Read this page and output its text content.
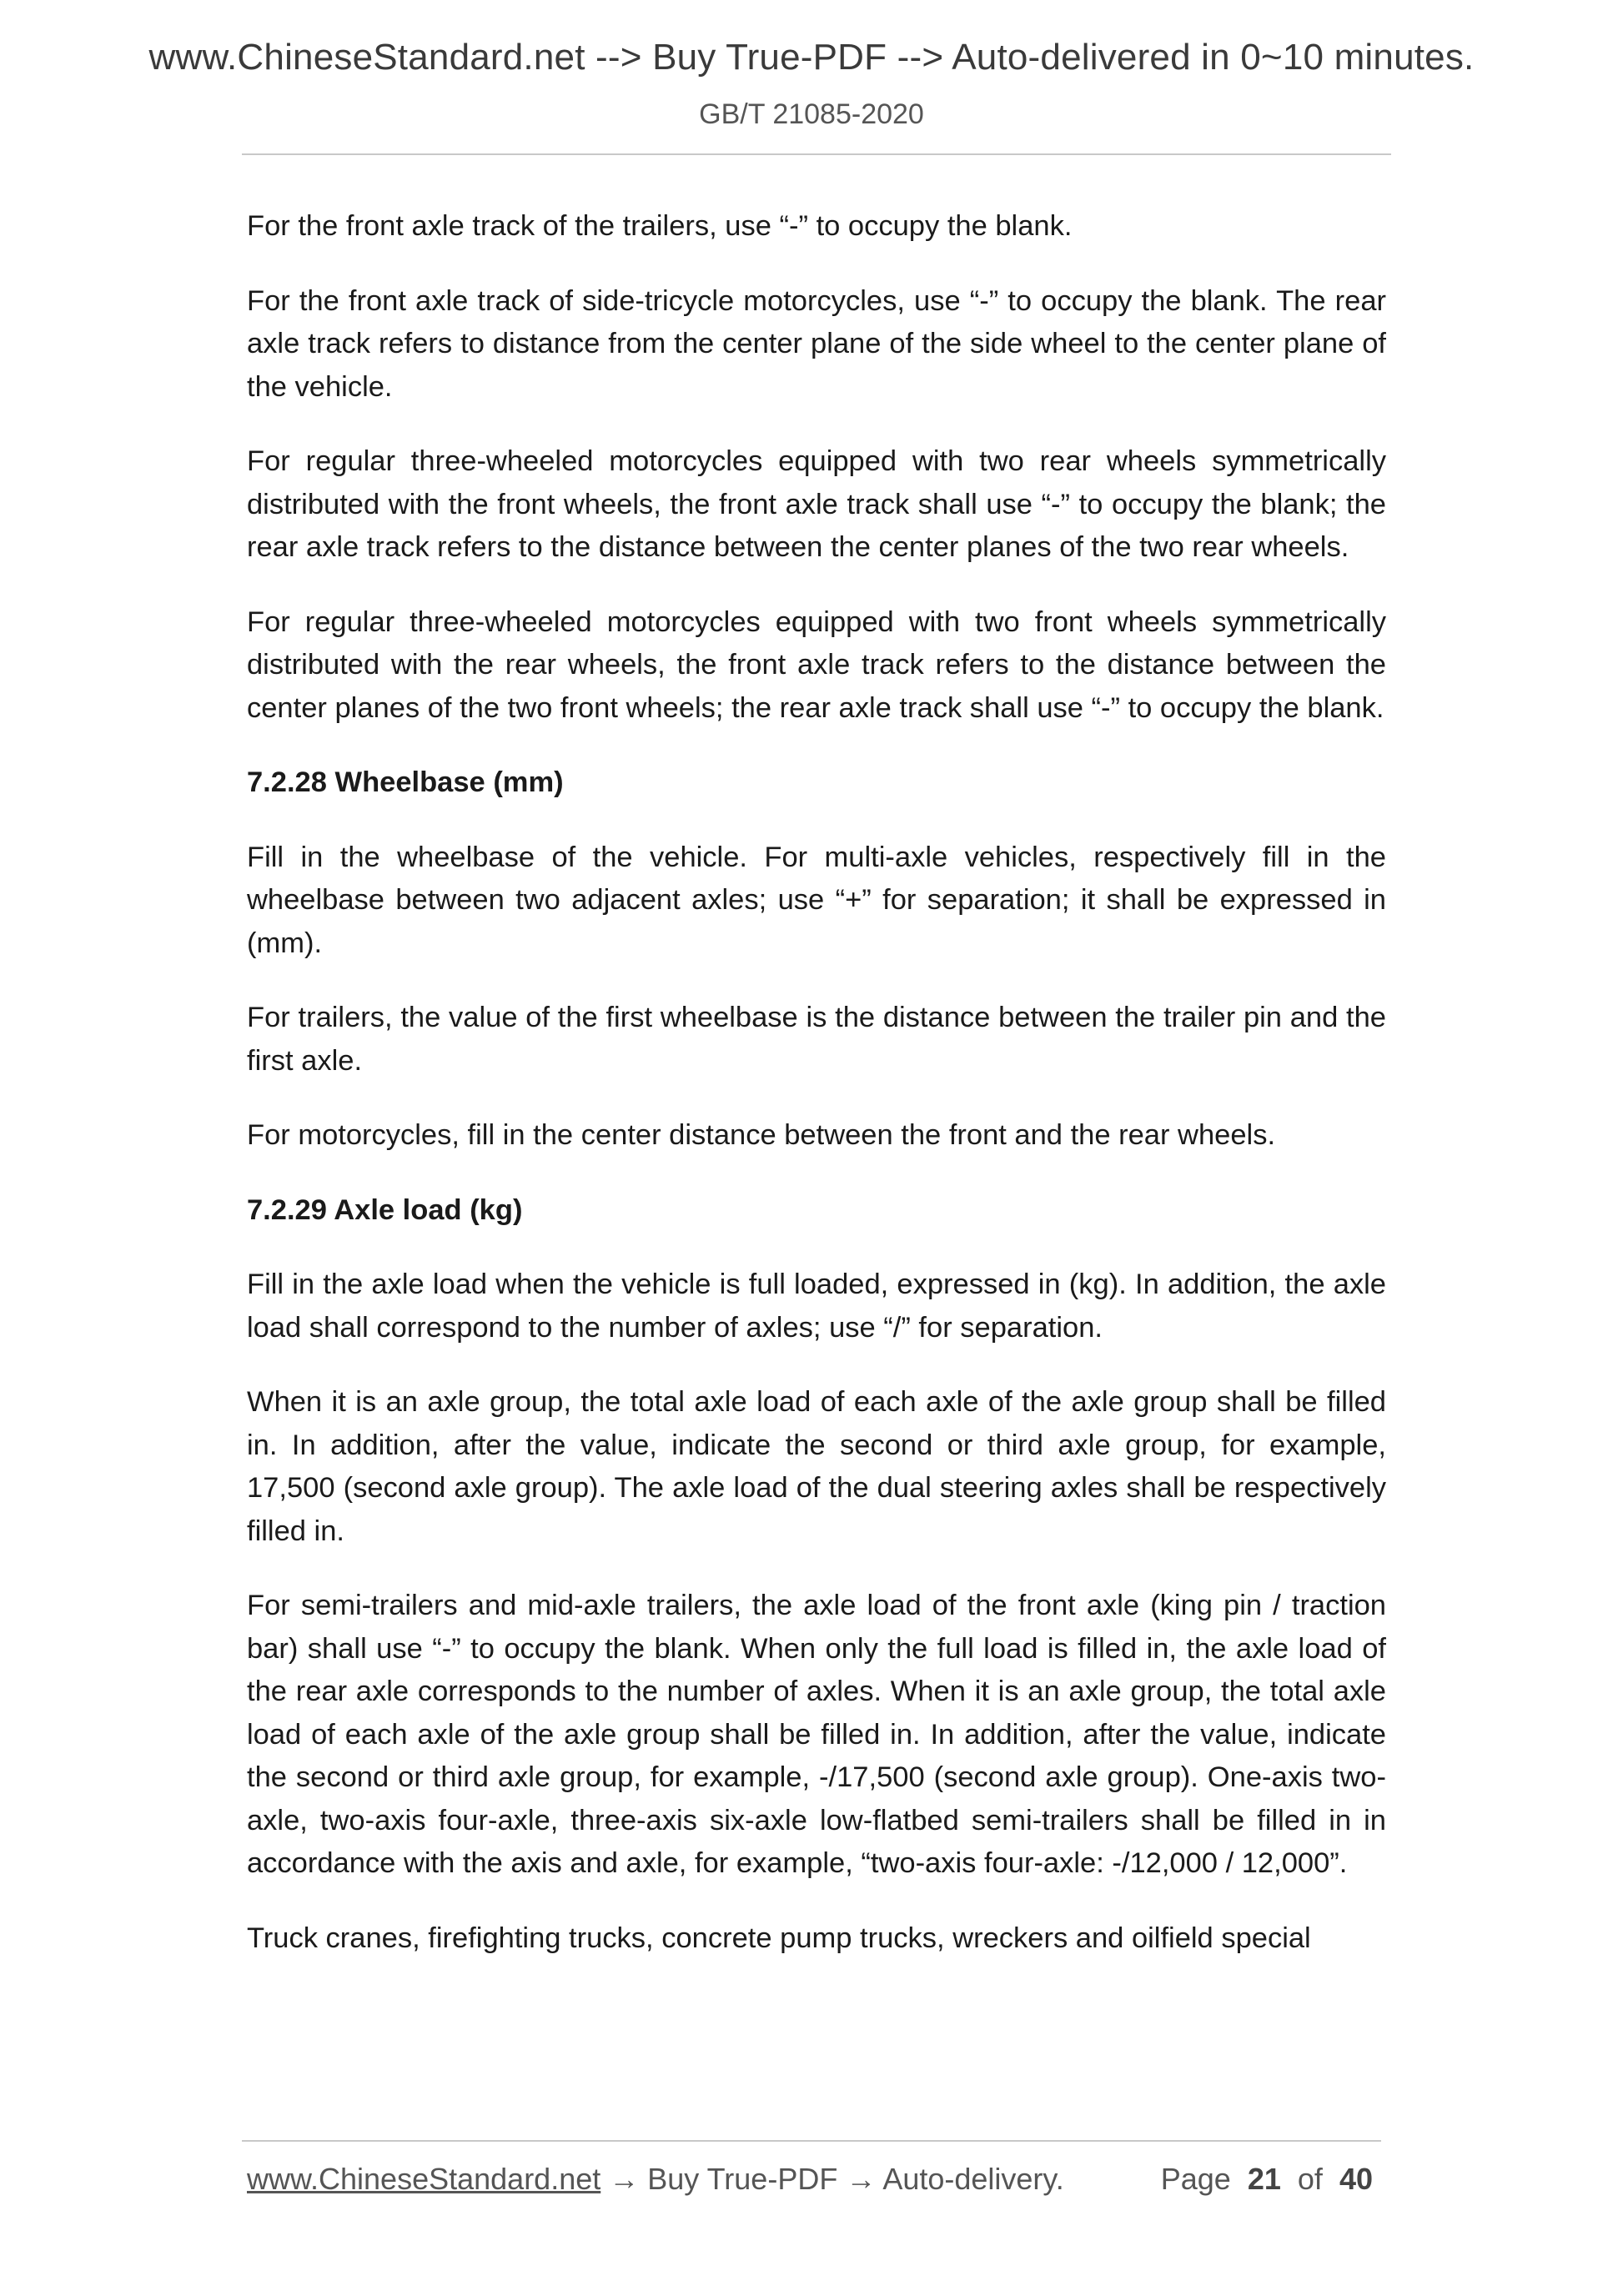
www.ChineseStandard.net --> Buy True-PDF --> Auto-delivered in 0~10 minutes.
GB/T 21085-2020

For the front axle track of the trailers, use “-” to occupy the blank.

For the front axle track of side-tricycle motorcycles, use “-” to occupy the blank. The rear axle track refers to distance from the center plane of the side wheel to the center plane of the vehicle.

For regular three-wheeled motorcycles equipped with two rear wheels symmetrically distributed with the front wheels, the front axle track shall use “-” to occupy the blank; the rear axle track refers to the distance between the center planes of the two rear wheels.

For regular three-wheeled motorcycles equipped with two front wheels symmetrically distributed with the rear wheels, the front axle track refers to the distance between the center planes of the two front wheels; the rear axle track shall use “-” to occupy the blank.

7.2.28 Wheelbase (mm)

Fill in the wheelbase of the vehicle. For multi-axle vehicles, respectively fill in the wheelbase between two adjacent axles; use “+” for separation; it shall be expressed in (mm).

For trailers, the value of the first wheelbase is the distance between the trailer pin and the first axle.

For motorcycles, fill in the center distance between the front and the rear wheels.

7.2.29 Axle load (kg)

Fill in the axle load when the vehicle is full loaded, expressed in (kg). In addition, the axle load shall correspond to the number of axles; use “/” for separation.

When it is an axle group, the total axle load of each axle of the axle group shall be filled in. In addition, after the value, indicate the second or third axle group, for example, 17,500 (second axle group). The axle load of the dual steering axles shall be respectively filled in.

For semi-trailers and mid-axle trailers, the axle load of the front axle (king pin / traction bar) shall use “-” to occupy the blank. When only the full load is filled in, the axle load of the rear axle corresponds to the number of axles. When it is an axle group, the total axle load of each axle of the axle group shall be filled in. In addition, after the value, indicate the second or third axle group, for example, -/17,500 (second axle group). One-axis two-axle, two-axis four-axle, three-axis six-axle low-flatbed semi-trailers shall be filled in in accordance with the axis and axle, for example, “two-axis four-axle: -/12,000 / 12,000”.

Truck cranes, firefighting trucks, concrete pump trucks, wreckers and oilfield special

www.ChineseStandard.net → Buy True-PDF → Auto-delivery.	Page 21 of 40
